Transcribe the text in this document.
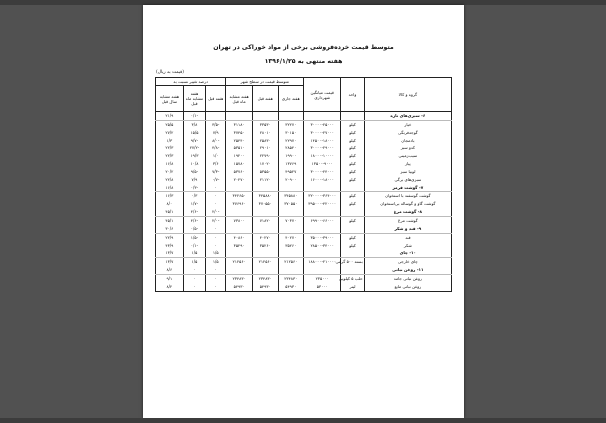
متوسط قیمت خرده‌فروشی برخی از مواد خوراکی در تهران
هفته منتهی به ۱۳۹۶/۱/۲۵
(قیمت به ریال)
گروه و کالا	واحد	قیمت میانگین شهرداری	متوسط قیمت در سطح شهر			درصد تغییر نسبت به		
			هفته جاری	هفته قبل	هفته مشابه ماه قبل	هفته قبل	هفته مشابه ماه قبل	هفته مشابه سال قبل
۶- سبزی‌های تازه							-۰/۱	۲۱/۹
خیار	کیلو	۳۰۰۰۰-۲۵۰۰۰	۳۲۲۷۰	۳۳۵۳۰	۳۱۱۸۰	-۳/۵	۳/۸	۲۵/۵
گوجه‌فرنگی	کیلو	۳۰۰۰۰-۲۷۰۰۰	۳۰۱۵۰	۲۸۰۱۰	۳۷۴۵۰	۷/۹	۱۵/۵	۲۷/۲
بادمجان	کیلو	۱۴۵۰۰-۱۸۰۰۰	۲۲۹۷۰	۲۵۸۳۰	۲۵۴۴۰	-۸/۰	-۹/۷	۱/۳
کدو سبز	کیلو	۳۰۰۰۰-۲۹۰۰۰	۲۸۵۴۰	۲۹۰۱۰	۵۳۵۱۰	-۴/۸	-۲۷/۲	۲۲/۳
سیب‌زمینی	کیلو	۱۸۰۰۰-۱۰۰۰۰	۱۹۹۰۰	۲۲۷۹۰	۱۹۲۰۰	۱/۰	۱۹/۳	۲۲/۳
پیاز	کیلو	۱۳۵۰۰-۹۰۰۰	۱۳۷۶۹	۱۷۰۲۰	۱۵۷۸۰	۳/۶	۱۰/۸	۱۶/۸
لوبیا سبز	کیلو	۳۰۰۰۰-۲۴۰۰۰	۴۹۵۲۷	۵۳۵۵۰	۵۳۷۶۰	-۷/۳	-۹/۵	۲۰/۲
سبزی‌های برگی	کیلو	۱۶۰۰۰-۱۸۰۰۰	۲۰۹۰۰	۲۱۱۲۰	۲۰۲۷۰	-۰/۷	۷/۹	۲۲/۸
۷- گوشت قرمز						۰	-۰/۳	۱۶/۸
گوشت گوسفند با استخوان	کیلو	۳۲۰۰۰۰-۳۶۴۰۰۰	۳۴۵۸۸۰	۳۴۵۸۸۰	۳۴۲۶۵۰	۰	۰/۳	۱۶/۳
گوشت گاو و گوساله بی‌استخوان	کیلو	۳۹۵۰۰۰-۴۲۰۰۰۰	۳۷۰۵۵۰	۳۷۰۵۵۰	۳۷۶۹۶۰	۰	-۱/۷	۸/۰
۸- گوشت مرغ						-۲/۰	-۴/۶	۴۵/۱
گوشت مرغ	کیلو	۶۹۹۰۰-۶۶۰۰۰	۷۰۳۷۰	۷۱۸۲۰	۷۳۸۰۰	-۲/۰	-۴/۶	۴۵/۱
۹- قند و شکر						۰	-۰/۵	۳۰/۶
قند	کیلو	۳۵۰۰۰-۳۹۰۰۰	۴۰۲۷۰	۴۰۲۷۰	۴۰۸۶۰	۰	-۱/۵	۲۲/۹
شکر	کیلو	۲۸۵۰۰-۳۴۰۰۰	۳۵۲۶۰	۳۵۲۶۰	۳۵۲۹۰	۰	-۰/۱	۴۳/۹
۱۰- چای						۱/۵	۱/۵	۱۳/۷
چای خارجی	بسته ۵۰۰ گرمی	۱۸۸۰۰۰-۲۱۰۰۰۰	۲۱۲۵۶۰	۲۱۲۵۶۰	۲۱۲۵۶۰	۱/۵	۱/۵	۱۳/۷
۱۱- روغن نباتی						۰	۰	۸/۶
روغن نباتی جامد	حلب ۵ کیلویی	۲۳۵۰۰۰	۲۳۴۸۳۰	۲۳۴۸۳۰	۲۳۴۸۳۰	۰	۰	۹/۱
روغن نباتی مایع	لیتر	۵۳۰۰۰	۵۴۹۳۰	۵۴۹۳۰	۵۴۹۳۰	۰	۰	۸/۲
